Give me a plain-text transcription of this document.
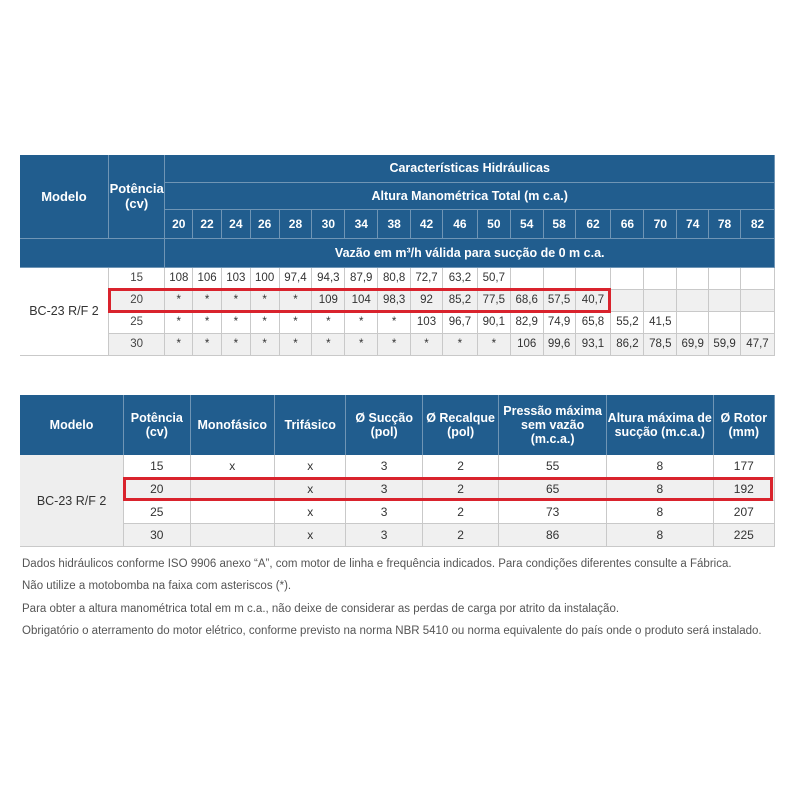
Modelo	Potência (cv)	Características Hidráulicas																		
		Altura Manométrica Total (m c.a.)																		
		20	22	24	26	28	30	34	38	42	46	50	54	58	62	66	70	74	78	82
		Vazão em m³/h válida para sucção de 0 m c.a.																		
BC-23 R/F 2	15	108	106	103	100	97,4	94,3	87,9	80,8	72,7	63,2	50,7								
	20	*	*	*	*	*	109	104	98,3	92	85,2	77,5	68,6	57,5	40,7					
	25	*	*	*	*	*	*	*	*	103	96,7	90,1	82,9	74,9	65,8	55,2	41,5			
	30	*	*	*	*	*	*	*	*	*	*	*	106	99,6	93,1	86,2	78,5	69,9	59,9	47,7
Modelo	Potência (cv)	Monofásico	Trifásico	Ø Sucção (pol)	Ø Recalque (pol)	Pressão máxima sem vazão (m.c.a.)	Altura máxima de sucção (m.c.a.)	Ø Rotor (mm)
BC-23 R/F 2	15	x	x	3	2	55	8	177
	20		x	3	2	65	8	192
	25		x	3	2	73	8	207
	30		x	3	2	86	8	225

Dados hidráulicos conforme ISO 9906 anexo “A”, com motor de linha e frequência indicados. Para condições diferentes consulte a Fábrica.

Não utilize a motobomba na faixa com asteriscos (*).

Para obter a altura manométrica total em m c.a., não deixe de considerar as perdas de carga por atrito da instalação.

Obrigatório o aterramento do motor elétrico, conforme previsto na norma NBR 5410 ou norma equivalente do país onde o produto será instalado.
